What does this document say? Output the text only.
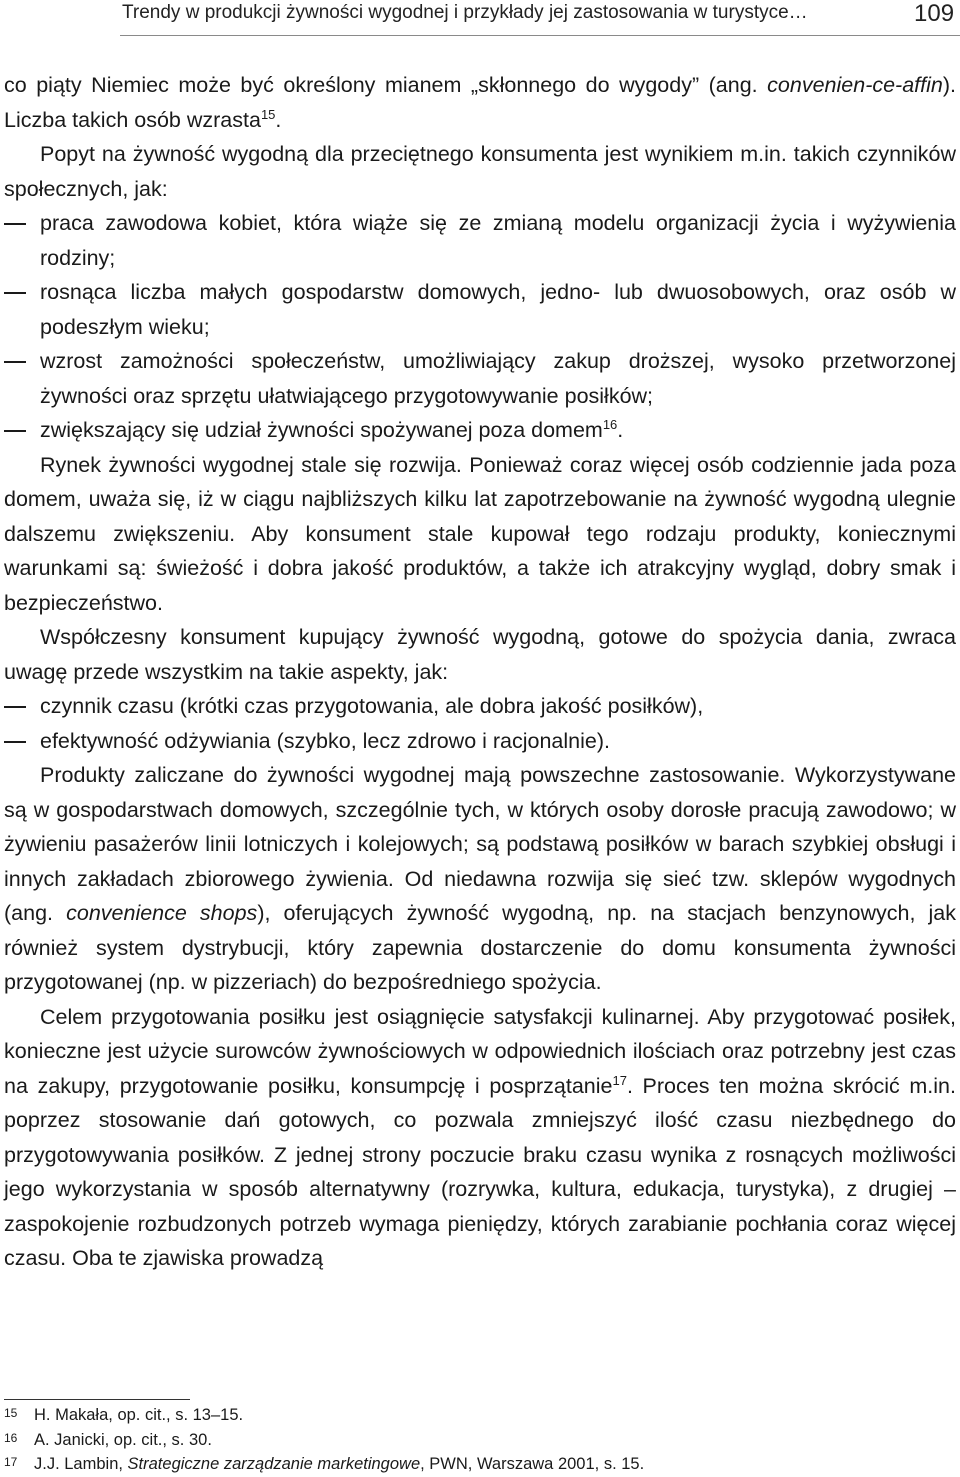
Trendy w produkcji żywności wygodnej i przykłady jej zastosowania w turystyce…	109

co piąty Niemiec może być określony mianem „skłonnego do wygody” (ang. convenien-ce-affin). Liczba takich osób wzrasta$^{15}$.

Popyt na żywność wygodną dla przeciętnego konsumenta jest wynikiem m.in. takich czynników społecznych, jak:

praca zawodowa kobiet, która wiąże się ze zmianą modelu organizacji życia i wyżywienia rodziny;
rosnąca liczba małych gospodarstw domowych, jedno- lub dwuosobowych, oraz osób w podeszłym wieku;
wzrost zamożności społeczeństw, umożliwiający zakup droższej, wysoko przetworzonej żywności oraz sprzętu ułatwiającego przygotowywanie posiłków;
zwiększający się udział żywności spożywanej poza domem$^{16}$.

Rynek żywności wygodnej stale się rozwija. Ponieważ coraz więcej osób codziennie jada poza domem, uważa się, iż w ciągu najbliższych kilku lat zapotrzebowanie na żywność wygodną ulegnie dalszemu zwiększeniu. Aby konsument stale kupował tego rodzaju produkty, koniecznymi warunkami są: świeżość i dobra jakość produktów, a także ich atrakcyjny wygląd, dobry smak i bezpieczeństwo.

Współczesny konsument kupujący żywność wygodną, gotowe do spożycia dania, zwraca uwagę przede wszystkim na takie aspekty, jak:

czynnik czasu (krótki czas przygotowania, ale dobra jakość posiłków),
efektywność odżywiania (szybko, lecz zdrowo i racjonalnie).

Produkty zaliczane do żywności wygodnej mają powszechne zastosowanie. Wykorzystywane są w gospodarstwach domowych, szczególnie tych, w których osoby dorosłe pracują zawodowo; w żywieniu pasażerów linii lotniczych i kolejowych; są podstawą posiłków w barach szybkiej obsługi i innych zakładach zbiorowego żywienia. Od niedawna rozwija się sieć tzw. sklepów wygodnych (ang. convenience shops), oferujących żywność wygodną, np. na stacjach benzynowych, jak również system dystrybucji, który zapewnia dostarczenie do domu konsumenta żywności przygotowanej (np. w pizzeriach) do bezpośredniego spożycia.

Celem przygotowania posiłku jest osiągnięcie satysfakcji kulinarnej. Aby przygotować posiłek, konieczne jest użycie surowców żywnościowych w odpowiednich ilościach oraz potrzebny jest czas na zakupy, przygotowanie posiłku, konsumpcję i posprzątanie$^{17}$. Proces ten można skrócić m.in. poprzez stosowanie dań gotowych, co pozwala zmniejszyć ilość czasu niezbędnego do przygotowywania posiłków. Z jednej strony poczucie braku czasu wynika z rosnących możliwości jego wykorzystania w sposób alternatywny (rozrywka, kultura, edukacja, turystyka), z drugiej – zaspokojenie rozbudzonych potrzeb wymaga pieniędzy, których zarabianie pochłania coraz więcej czasu. Oba te zjawiska prowadzą

15 H. Makała, op. cit., s. 13–15.
16 A. Janicki, op. cit., s. 30.
17 J.J. Lambin, Strategiczne zarządzanie marketingowe, PWN, Warszawa 2001, s. 15.
